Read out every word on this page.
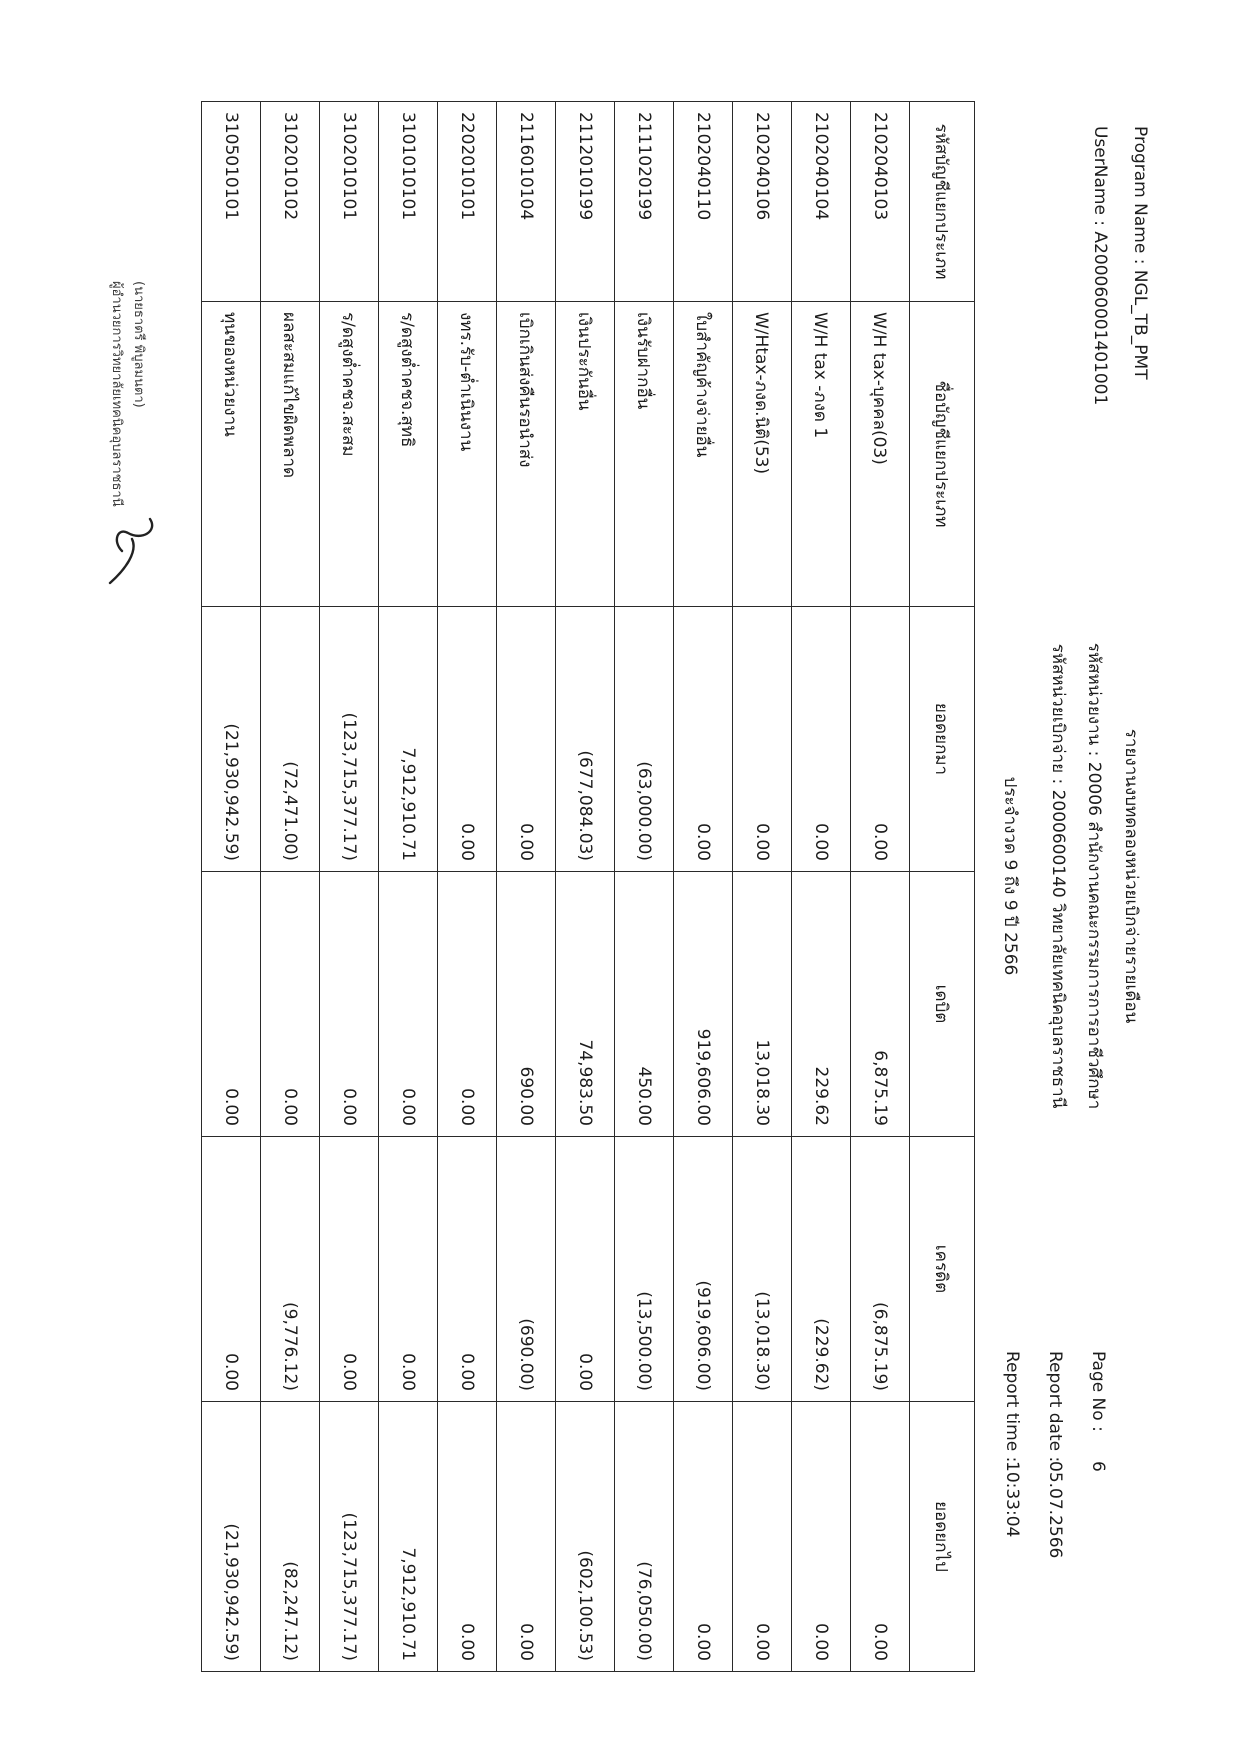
Program Name : NGL_TB_PMT
UserName : A200060001401001
รายงานงบทดลองหน่วยเบิกจ่ายรายเดือน
รหัสหน่วยงาน : 20006 สำนักงานคณะกรรมการการอาชีวศึกษา
รหัสหน่วยเบิกจ่าย : 2000600140 วิทยาลัยเทคนิคอุบลราชธานี
ประจำงวด 9 ถึง 9 ปี 2566
Page No :
6
Report date :
05.07.2566
Report time :
10:33:04
รหัสบัญชีแยกประเภท	ชื่อบัญชีแยกประเภท	ยอดยกมา	เดบิต	เครดิต	ยอดยกไป
2102040103	W/H tax-บุคคล(03)	0.00	6,875.19	(6,875.19)	0.00
2102040104	W/H tax -ภงด 1	0.00	229.62	(229.62)	0.00
2102040106	W/Htax-ภงด.นิติ(53)	0.00	13,018.30	(13,018.30)	0.00
2102040110	ใบสำคัญค้างจ่ายอื่น	0.00	919,606.00	(919,606.00)	0.00
2111020199	เงินรับฝากอื่น	(63,000.00)	450.00	(13,500.00)	(76,050.00)
2112010199	เงินประกันอื่น	(677,084.03)	74,983.50	0.00	(602,100.53)
2116010104	เบิกเกินส่งคืนรอนำส่ง	0.00	690.00	(690.00)	0.00
2202010101	งทร.รับ-ต่ำเนินงาน	0.00	0.00	0.00	0.00
3101010101	ร/ดสูงต่ำคชจ.สุทธิ	7,912,910.71	0.00	0.00	7,912,910.71
3102010101	ร/ดสูงต่ำคชจ.สะสม	(123,715,377.17)	0.00	0.00	(123,715,377.17)
3102010102	ผลสะสมแก้ไขผิดพลาด	(72,471.00)	0.00	(9,776.12)	(82,247.12)
3105010101	ทุนของหน่วยงาน	(21,930,942.59)	0.00	0.00	(21,930,942.59)
(นายธาตรี พิบูลมนตา)
ผู้อำนวยการวิทยาลัยเทคนิคอุบลราชธานี
